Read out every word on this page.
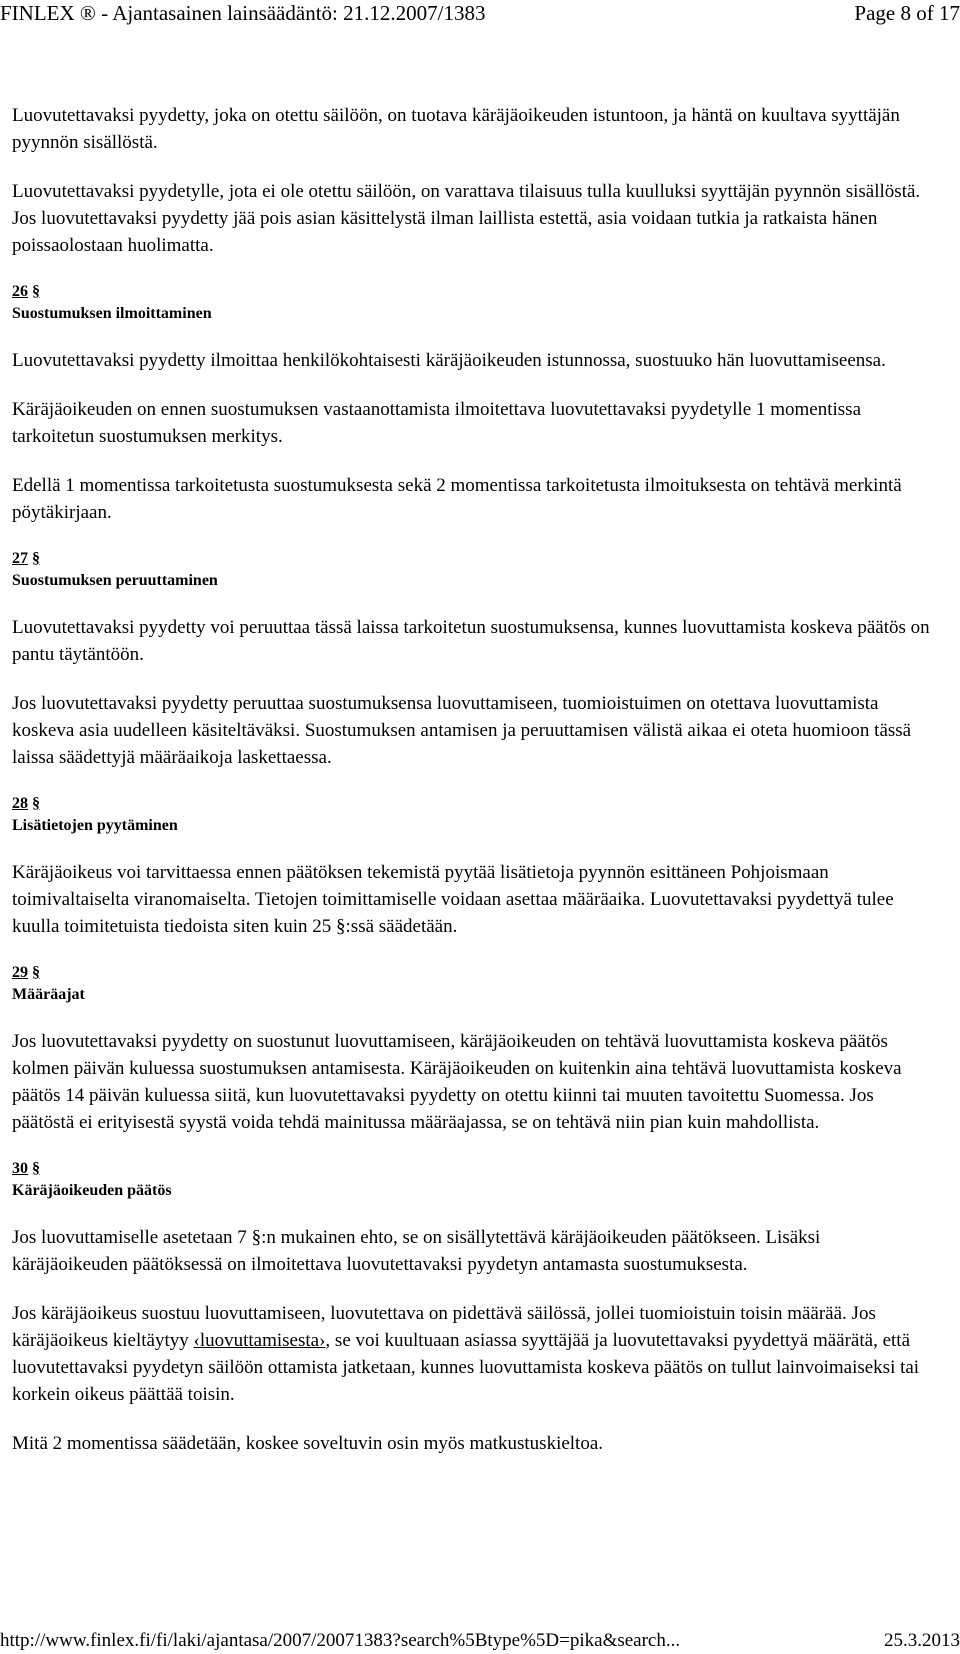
FINLEX ® - Ajantasainen lainsäädäntö: 21.12.2007/1383	Page 8 of 17

Luovutettavaksi pyydetty, joka on otettu säilöön, on tuotava käräjäoikeuden istuntoon, ja häntä on kuultava syyttäjän pyynnön sisällöstä.

Luovutettavaksi pyydetylle, jota ei ole otettu säilöön, on varattava tilaisuus tulla kuulluksi syyttäjän pyynnön sisällöstä. Jos luovutettavaksi pyydetty jää pois asian käsittelystä ilman laillista estettä, asia voidaan tutkia ja ratkaista hänen poissaolostaan huolimatta.

26 §
Suostumuksen ilmoittaminen

Luovutettavaksi pyydetty ilmoittaa henkilökohtaisesti käräjäoikeuden istunnossa, suostuuko hän luovuttamiseensa.

Käräjäoikeuden on ennen suostumuksen vastaanottamista ilmoitettava luovutettavaksi pyydetylle 1 momentissa tarkoitetun suostumuksen merkitys.

Edellä 1 momentissa tarkoitetusta suostumuksesta sekä 2 momentissa tarkoitetusta ilmoituksesta on tehtävä merkintä pöytäkirjaan.

27 §
Suostumuksen peruuttaminen

Luovutettavaksi pyydetty voi peruuttaa tässä laissa tarkoitetun suostumuksensa, kunnes luovuttamista koskeva päätös on pantu täytäntöön.

Jos luovutettavaksi pyydetty peruuttaa suostumuksensa luovuttamiseen, tuomioistuimen on otettava luovuttamista koskeva asia uudelleen käsiteltäväksi. Suostumuksen antamisen ja peruuttamisen välistä aikaa ei oteta huomioon tässä laissa säädettyjä määräaikoja laskettaessa.

28 §
Lisätietojen pyytäminen

Käräjäoikeus voi tarvittaessa ennen päätöksen tekemistä pyytää lisätietoja pyynnön esittäneen Pohjoismaan toimivaltaiselta viranomaiselta. Tietojen toimittamiselle voidaan asettaa määräaika. Luovutettavaksi pyydettyä tulee kuulla toimitetuista tiedoista siten kuin 25 §:ssä säädetään.

29 §
Määräajat

Jos luovutettavaksi pyydetty on suostunut luovuttamiseen, käräjäoikeuden on tehtävä luovuttamista koskeva päätös kolmen päivän kuluessa suostumuksen antamisesta. Käräjäoikeuden on kuitenkin aina tehtävä luovuttamista koskeva päätös 14 päivän kuluessa siitä, kun luovutettavaksi pyydetty on otettu kiinni tai muuten tavoitettu Suomessa. Jos päätöstä ei erityisestä syystä voida tehdä mainitussa määräajassa, se on tehtävä niin pian kuin mahdollista.

30 §
Käräjäoikeuden päätös

Jos luovuttamiselle asetetaan 7 §:n mukainen ehto, se on sisällytettävä käräjäoikeuden päätökseen. Lisäksi käräjäoikeuden päätöksessä on ilmoitettava luovutettavaksi pyydetyn antamasta suostumuksesta.

Jos käräjäoikeus suostuu luovuttamiseen, luovutettava on pidettävä säilössä, jollei tuomioistuin toisin määrää. Jos käräjäoikeus kieltäytyy ‹luovuttamisesta›, se voi kuultuaan asiassa syyttäjää ja luovutettavaksi pyydettyä määrätä, että luovutettavaksi pyydetyn säilöön ottamista jatketaan, kunnes luovuttamista koskeva päätös on tullut lainvoimaiseksi tai korkein oikeus päättää toisin.

Mitä 2 momentissa säädetään, koskee soveltuvin osin myös matkustuskieltoa.

http://www.finlex.fi/fi/laki/ajantasa/2007/20071383?search%5Btype%5D=pika&search...	25.3.2013
